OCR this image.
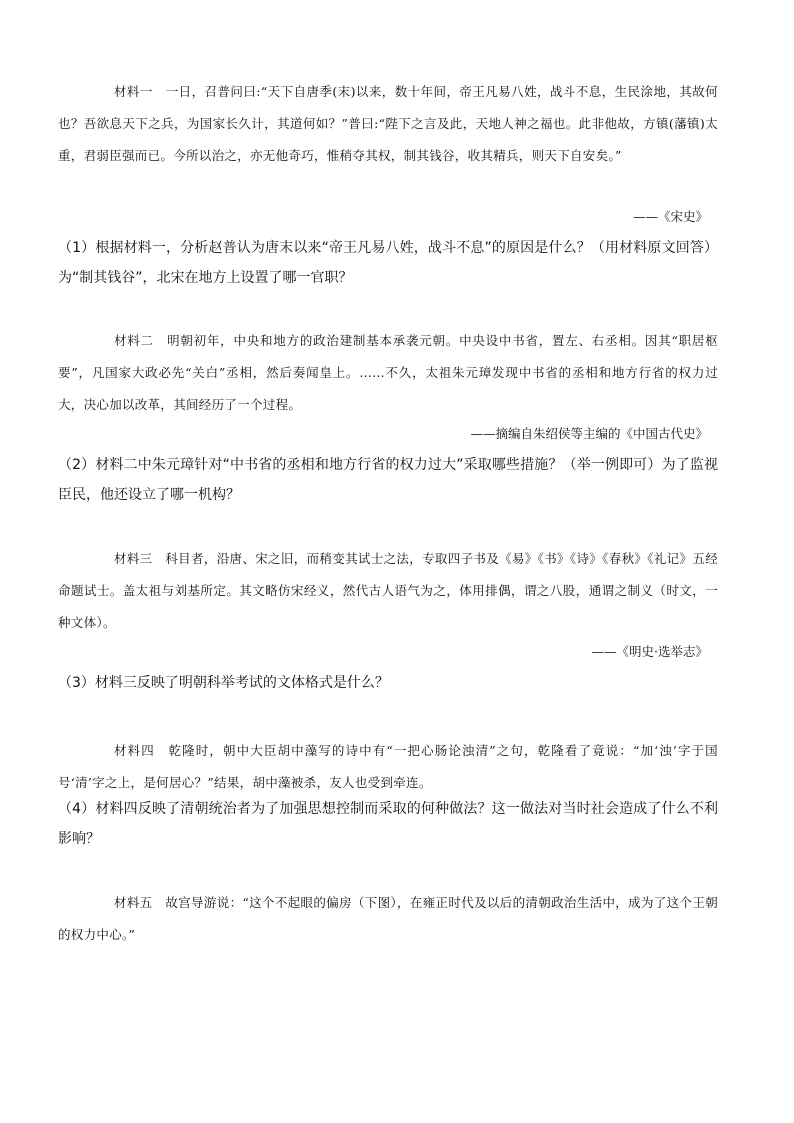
材料一　一日，召普问曰:“天下自唐季(末)以来，数十年间，帝王凡易八姓，战斗不息，生民涂地，其故何也？吾欲息天下之兵，为国家长久计，其道何如？”普曰:“陛下之言及此，天地人神之福也。此非他故，方镇(藩镇)太重，君弱臣强而已。今所以治之，亦无他奇巧，惟稍夺其权，制其钱谷，收其精兵，则天下自安矣。”

——《宋史》

（1）根据材料一，分析赵普认为唐末以来“帝王凡易八姓，战斗不息”的原因是什么？（用材料原文回答）为“制其钱谷”，北宋在地方上设置了哪一官职？

材料二　明朝初年，中央和地方的政治建制基本承袭元朝。中央设中书省，置左、右丞相。因其“职居枢要”，凡国家大政必先“关白”丞相，然后奏闻皇上。……不久，太祖朱元璋发现中书省的丞相和地方行省的权力过大，决心加以改革，其间经历了一个过程。

——摘编自朱绍侯等主编的《中国古代史》

（2）材料二中朱元璋针对“中书省的丞相和地方行省的权力过大”采取哪些措施？（举一例即可）为了监视臣民，他还设立了哪一机构？

材料三　科目者，沿唐、宋之旧，而稍变其试士之法，专取四子书及《易》《书》《诗》《春秋》《礼记》五经命题试士。盖太祖与刘基所定。其文略仿宋经义，然代古人语气为之，体用排偶，谓之八股，通谓之制义（时文，一种文体）。

——《明史·选举志》

（3）材料三反映了明朝科举考试的文体格式是什么？

材料四　乾隆时，朝中大臣胡中藻写的诗中有“一把心肠论浊清”之句，乾隆看了竟说：“加‘浊’字于国号‘清’字之上，是何居心？”结果，胡中藻被杀，友人也受到牵连。

（4）材料四反映了清朝统治者为了加强思想控制而采取的何种做法？这一做法对当时社会造成了什么不利影响？

材料五　故宫导游说：“这个不起眼的偏房（下图），在雍正时代及以后的清朝政治生活中，成为了这个王朝的权力中心。”
